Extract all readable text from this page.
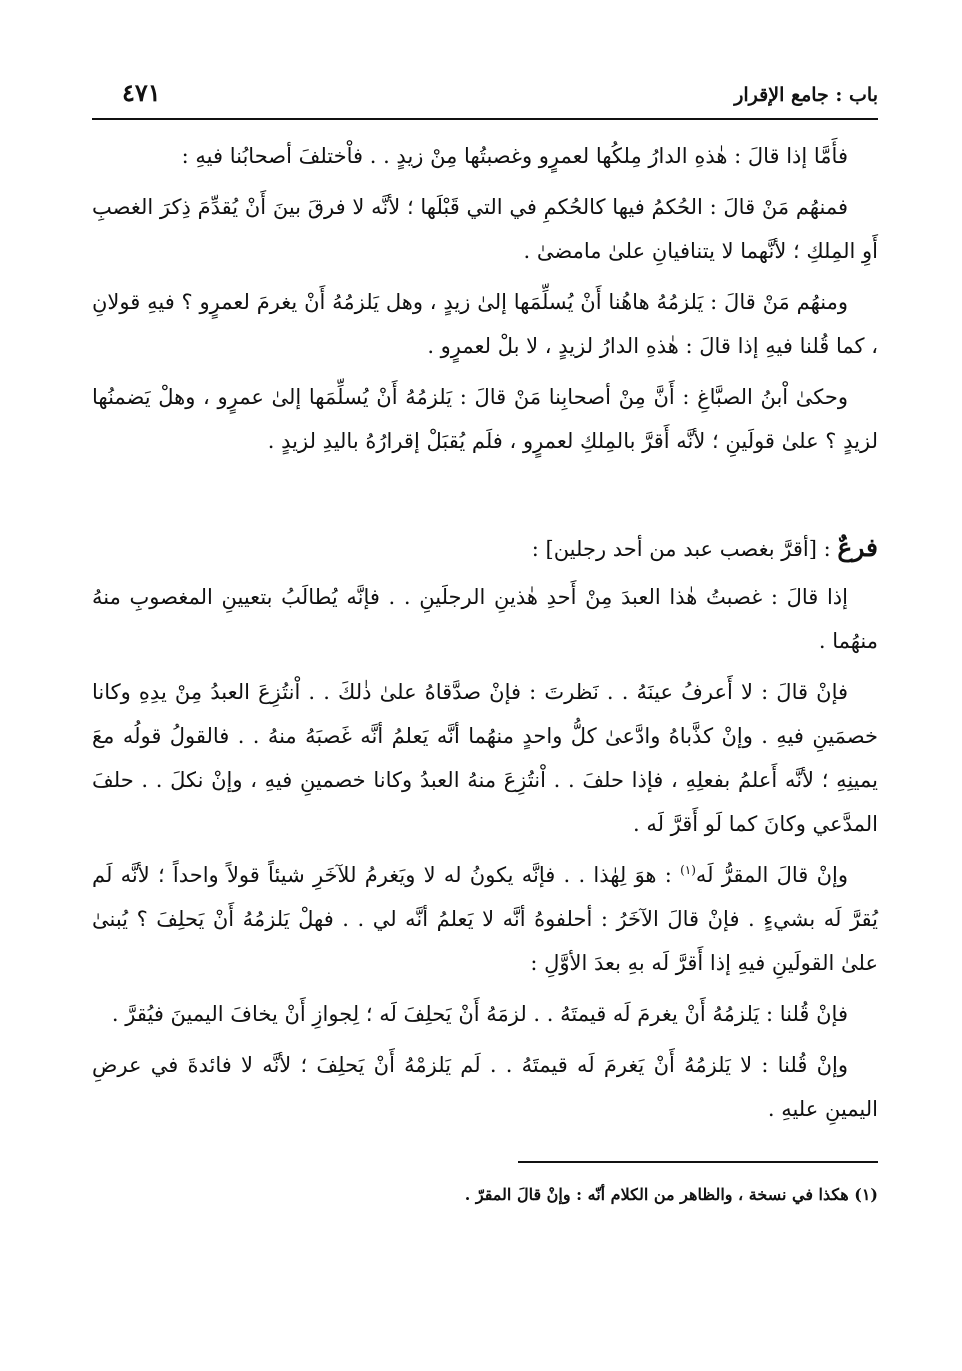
باب : جامع الإقرار
٤٧١

فأَمَّا إذا قالَ : هٰذهِ الدارُ مِلكُها لعمرٍو وغصبتُها مِنْ زيدٍ . . فاْختلفَ أصحابُنا فيهِ :

فمنهُم مَنْ قالَ : الحُكمُ فيها كالحُكمِ في التي قَبْلَها ؛ لأنَّه لا فرقَ بينَ أَنْ يُقدِّمَ ذِكرَ الغصبِ أَوِ المِلكِ ؛ لأنَّهما لا يتنافيانِ علىٰ مامضىٰ .

ومنهُم مَنْ قالَ : يَلزمُهُ هاهُنا أَنْ يُسلِّمَها إلىٰ زيدٍ ، وهل يَلزمُهُ أَنْ يغرمَ لعمرٍو ؟ فيهِ قولانِ ، كما قُلنا فيهِ إذا قالَ : هٰذهِ الدارُ لزيدٍ ، لا بلْ لعمرٍو .

وحكىٰ اْبنُ الصبَّاغِ : أَنَّ مِنْ أصحابِنا مَنْ قالَ : يَلزمُهُ أَنْ يُسلِّمَها إلىٰ عمرٍو ، وهلْ يَضمنُها لزيدٍ ؟ علىٰ قولَينِ ؛ لأنَّه أَقرَّ بالمِلكِ لعمرٍو ، فلَم يُقبَلْ إقرارُهُ باليدِ لزيدٍ .

فرعٌ : [أقرَّ بغصب عبد من أحد رجلين] :

إذا قالَ : غصبتُ هٰذا العبدَ مِنْ أَحدِ هٰذينِ الرجلَينِ . . فإنَّه يُطالَبُ بتعيينِ المغصوبِ منهُ منهُما .

فإنْ قالَ : لا أَعرفُ عينَهُ . . نَظرتَ : فإنْ صدَّقاهُ علىٰ ذٰلكَ . . اْنتُزِعَ العبدُ مِنْ يدِهِ وكانا خصمَينِ فيهِ . وإنْ كذَّباهُ وادَّعىٰ كلُّ واحدٍ منهُما أنَّه يَعلمُ أنَّه غَصبَهُ منهُ . . فالقولُ قولُه معَ يمينِهِ ؛ لأنَّه أَعلمُ بفعلِهِ ، فإذا حلفَ . . اْنتُزِعَ منهُ العبدُ وكانا خصمينِ فيهِ ، وإنْ نكلَ . . حلفَ المدَّعي وكانَ كما لَو أَقرَّ لَه .

وإنْ قالَ المقرُّ لَه$^{(١)}$ : هوَ لِهٰذا . . فإنَّه يكونُ له لا ويَغرمُ للآخَرِ شيئاً قولاً واحداً ؛ لأنَّه لَم يُقرَّ لَه بشيءٍ . فإنْ قالَ الآخَرُ : أحلفوهُ أنَّه لا يَعلمُ أنَّه لي . . فهلْ يَلزمُهُ أَنْ يَحلِفَ ؟ يُبنىٰ علىٰ القولَينِ فيهِ إذا أَقرَّ لَه بهِ بعدَ الأوَّلِ :

فإنْ قُلنا : يَلزمُهُ أَنْ يغرمَ لَه قيمتَهُ . . لزمَهُ أَنْ يَحلِفَ لَه ؛ لِجوازِ أَنْ يخافَ اليمينَ فيُقرَّ .

وإنْ قُلنا : لا يَلزمُهُ أَنْ يَغرمَ لَه قيمتَهُ . . لَم يَلزمْهُ أَنْ يَحلِفَ ؛ لأنَّه لا فائدةَ في عرضِ اليمينِ عليهِ .

(١) هكذا في نسخة ، والظاهر من الكلام أنّه : وإنْ قالَ المقرّ .
